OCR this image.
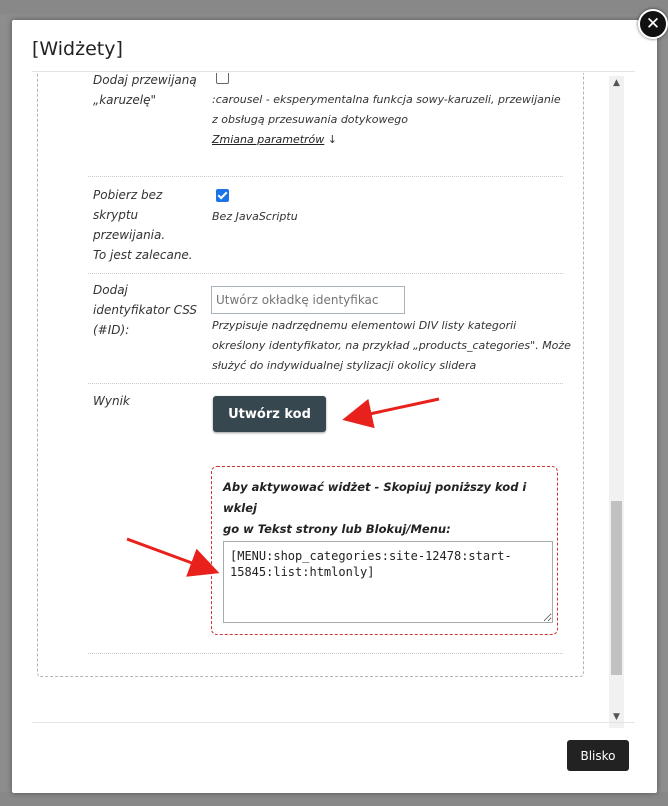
[Widżety]
Dodaj przewijaną
„karuzelę"	:carousel - eksperymentalna funkcja sowy-karuzeli, przewijanie
z obsługą przesuwania dotykowego
Zmiana parametrów ↓
Pobierz bez
skryptu
przewijania.
To jest zalecane.
Bez JavaScriptu
Dodaj
identyfikator CSS
(#ID):
Utwórz okładkę identyfikac	Przypisuje nadrzędnemu elementowi DIV listy kategorii
określony identyfikator, na przykład „products_categories". Może
służyć do indywidualnej stylizacji okolicy slidera
Wynik
Utwórz kod
Aby aktywować widżet - Skopiuj poniższy kod i wklej
go w Tekst strony lub Blokuj/Menu:
[MENU:shop_categories:site-12478:start-15845:list:htmlonly]
▲
▼
Blisko
✕
